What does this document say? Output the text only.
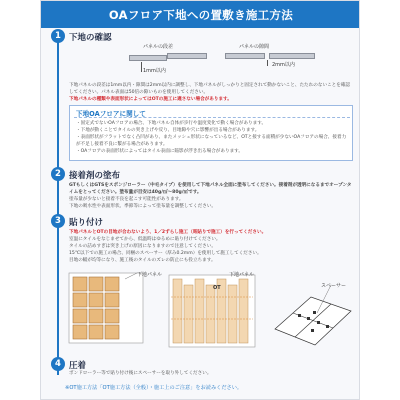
OAフロア下地への置敷き施工方法
1 下地の確認
パネルの段差	パネルの隙間
1mm以内
2mm以内
下地パネルの段差は1mm以内・隙間は2mm以内に調整し、下地パネルがしっかりと固定されて動かないこと、たたれのないことを確認してください。パネル表面は50倍の隙いものを使用してください。
下地パネルの種類や表面形状によってはOTの施工に適さない場合があります。
下地OAフロアに関して
・固定式でないOAフロアの場合、下地パネル自体が歩行や温度変化で動く場合があります。
・下地が動くことでタイルの突き上げや反り、目地隙や穴に影響が出る場合があります。
・表面形状がフラットでなく凸凹があり、またメッシュ形状になっているなど、OTと接する面積が少ないOAフロアの場合、接着力が不足し接着不良に繋がる場合があります。
・OAフロアの表面形状によってはタイル表面に陥影が浮き出る場合があります。
2 接着剤の塗布
GTもしくはGTSをスポンジローラー（中毛タイプ）を使用して下地パネル全面に塗布してください。接着剤が透明になるまでオープンタイムをとってください。塗布量が目安は40g/㎡～80g/㎡です。
塗布量が少ないと接着不良を起こす可能性があります。
下地の吸水性や表面形状、季節等によって塗布量を調整してください。
3 貼り付け
下地パネルとOTの目地が合わないよう、1／2ずらし施工（馬貼りで施工）を行ってください。
室温にタイルをなじませてから、低温時はゆるめに貼り付けてください。
タイルの詰めすぎは突き上げの原因になりますので注意してください。
15℃以下での施工の場合、同梱のスペーサー（厚み0.2mm）を使用して施工してください。
目地の幅が均等になり、施工後のタイルのズレの防止にも役立ちます。
下地パネル	下地パネル
OT	スペーサー
4 圧着
ボンドローラー等で貼り付け後にスペーサーを取り外してください。
※OT施工方法「OT施工方法（全般）・施工上のご注意」をお読みください。
